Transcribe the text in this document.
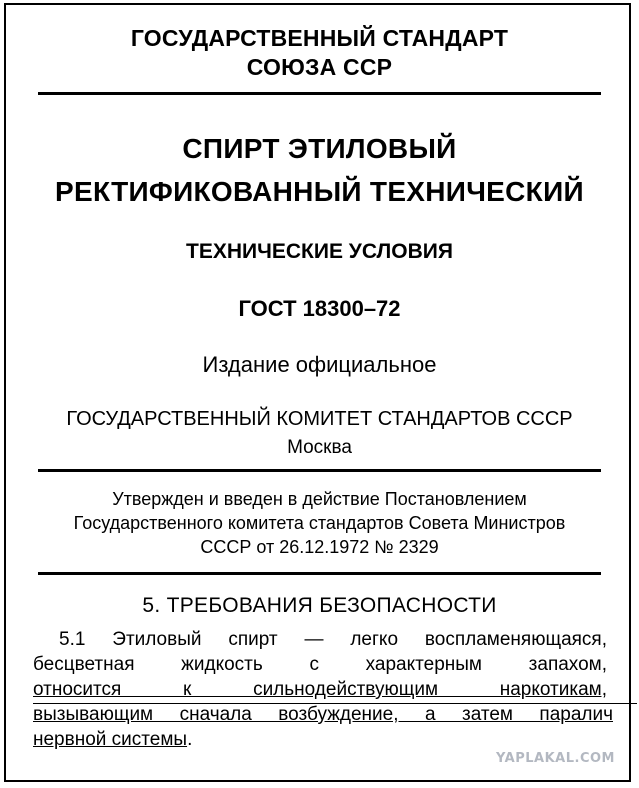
ГОСУДАРСТВЕННЫЙ СТАНДАРТ
СОЮЗА ССР
СПИРТ ЭТИЛОВЫЙ
РЕКТИФИКОВАННЫЙ ТЕХНИЧЕСКИЙ
ТЕХНИЧЕСКИЕ УСЛОВИЯ
ГОСТ 18300–72
Издание официальное
ГОСУДАРСТВЕННЫЙ КОМИТЕТ СТАНДАРТОВ СССР
Москва
Утвержден и введен в действие Постановлением
Государственного комитета стандартов Совета Министров
СССР от 26.12.1972 № 2329
5. ТРЕБОВАНИЯ БЕЗОПАСНОСТИ
5.1 Этиловый спирт — легко воспламеняющаяся,
бесцветная жидкость с характерным запахом,
относится к сильнодействующим наркотикам,
вызывающим сначала возбуждение, а затем паралич
нервной системы.
YAPLAKAL.COM
